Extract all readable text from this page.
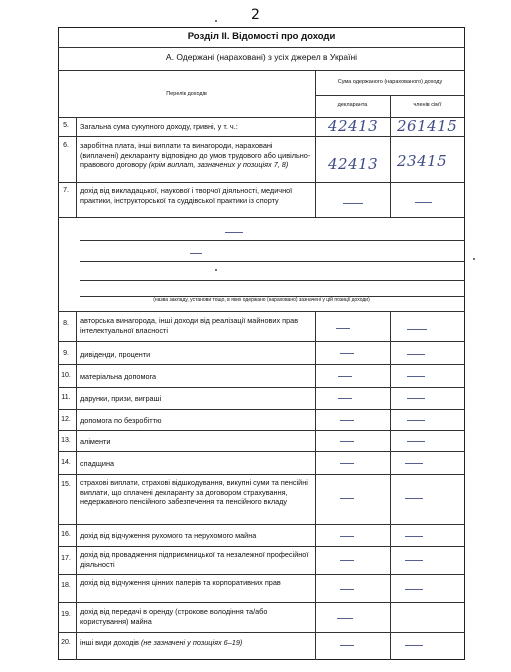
2
Розділ ІІ. Відомості про доходи
А. Одержані (нараховані) з усіх джерел в Україні
Перелік доходів
Сума одержаного (нарахованого) доходу
декларанта	членів сім'ї
(назва закладу, установи тощо, в яких одержано (нараховано) зазначені у цій позиції доходи)
5.
6.
7.
8.
9.
10.
11.
12.
13.
14.
15.
16.
17.
18.
19.
20.
Загальна сума сукупного доходу, гривні, у т. ч.:
заробітна плата, інші виплати та винагороди, нараховані (виплачені) декларанту відповідно до умов трудового або цивільно-правового договору (крім виплат, зазначених у позиціях 7, 8)
дохід від викладацької, наукової і творчої діяльності, медичної практики, інструкторської та суддівської практики із спорту
авторська винагорода, інші доходи від реалізації майнових прав інтелектуальної власності
дивіденди, проценти
матеріальна допомога
дарунки, призи, виграші
допомога по безробіттю
аліменти
спадщина
страхові виплати, страхові відшкодування, викупні суми та пенсійні виплати, що сплачені декларанту за договором страхування, недержавного пенсійного забезпечення та пенсійного вкладу
дохід від відчуження рухомого та нерухомого майна
дохід від провадження підприємницької та незалежної професійної діяльності
дохід від відчуження цінних паперів та корпоративних прав
дохід від передачі в оренду (строкове володіння та/або користування) майна
інші види доходів (не зазначені у позиціях 6–19)
42413 261415
42413 23415
